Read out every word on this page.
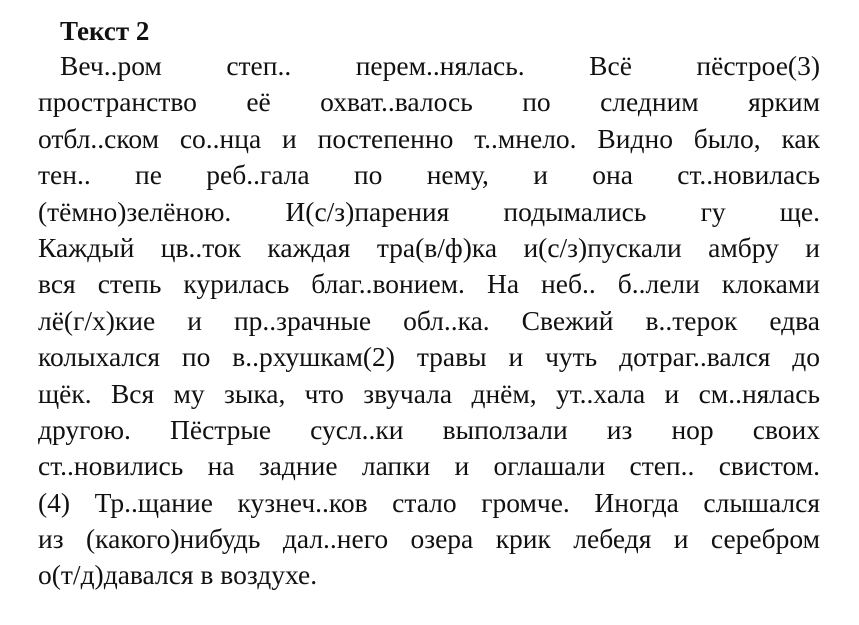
Текст 2
Веч..ром степ.. перем..нялась. Всё пёстрое(3)
пространство её охват..валось по следним ярким
отбл..ском со..нца и постепенно т..мнело. Видно было, как
тен.. пе реб..гала по нему, и она ст..новилась
(тёмно)зелёною. И(с/з)парения подымались гу ще.
Каждый цв..ток каждая тра(в/ф)ка и(с/з)пускали амбру и
вся степь курилась благ..вонием. На неб.. б..лели клоками
лё(г/х)кие и пр..зрачные обл..ка. Свежий в..терок едва
колыхался по в..рхушкам(2) травы и чуть дотраг..вался до
щёк. Вся му зыка, что звучала днём, ут..хала и см..нялась
другою. Пёстрые сусл..ки выползали из нор своих
ст..новились на задние лапки и оглашали степ.. свистом.
(4) Тр..щание кузнеч..ков стало громче. Иногда слышался
из (какого)нибудь дал..него озера крик лебедя и серебром
о(т/д)давался в воздухе.
